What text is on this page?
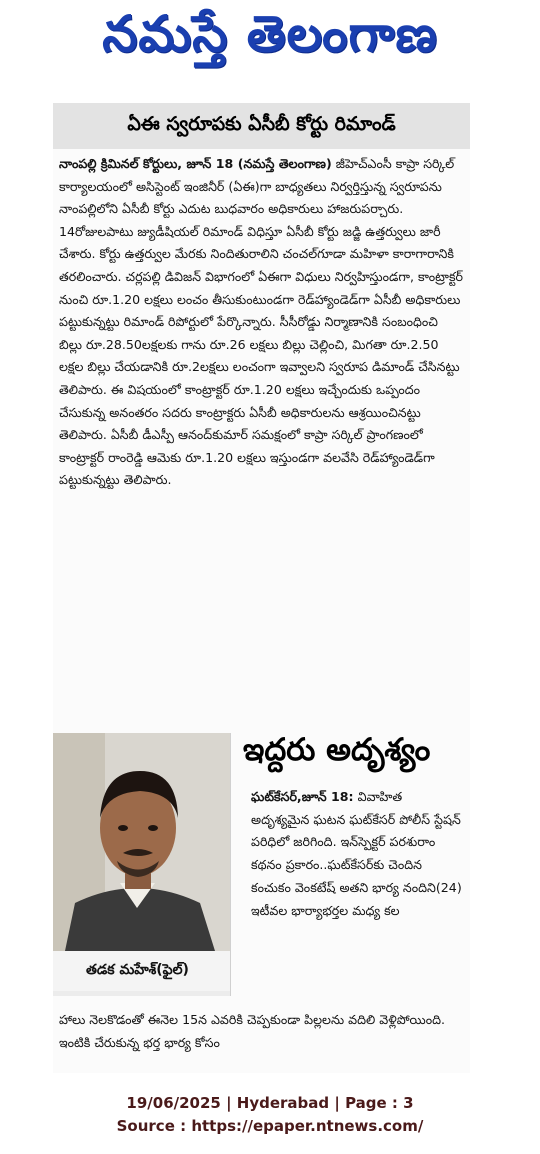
నమస్తే తెలంగాణ
ఏఈ స్వరూపకు ఏసీబీ కోర్టు రిమాండ్
నాంపల్లి క్రిమినల్ కోర్టులు, జూన్ 18 (నమస్తే తెలంగాణ) జీహెచ్ఎంసీ కాప్రా సర్కిల్ కార్యాలయంలో అసిస్టెంట్ ఇంజినీర్ (ఏఈ)గా బాధ్యతలు నిర్వర్తిస్తున్న స్వరూపను నాంపల్లిలోని ఏసీబీ కోర్టు ఎదుట బుధవారం అధికారులు హాజరుపర్చారు. 14రోజులపాటు జ్యుడీషియల్ రిమాండ్ విధిస్తూ ఏసీబీ కోర్టు జడ్జి ఉత్తర్వులు జారీ చేశారు. కోర్టు ఉత్తర్వుల మేరకు నిందితురాలిని చంచల్‌గూడా మహిళా కారాగారానికి తరలించారు. చర్లపల్లి డివిజన్ విభాగంలో ఏఈగా విధులు నిర్వహిస్తుండగా, కాంట్రాక్టర్ నుంచి రూ.1.20 లక్షలు లంచం తీసుకుంటుండగా రెడ్‌హ్యాండెడ్‌గా ఏసీబీ అధికారులు పట్టుకున్నట్టు రిమాండ్ రిపోర్టులో పేర్కొన్నారు. సీసీరోడ్డు నిర్మాణానికి సంబంధించి బిల్లు రూ.28.50లక్షలకు గాను రూ.26 లక్షలు బిల్లు చెల్లించి, మిగతా రూ.2.50 లక్షల బిల్లు చేయడానికి రూ.2లక్షలు లంచంగా ఇవ్వాలని స్వరూప డిమాండ్ చేసినట్టు తెలిపారు. ఈ విషయంలో కాంట్రాక్టర్ రూ.1.20 లక్షలు ఇచ్చేందుకు ఒప్పందం చేసుకున్న అనంతరం సదరు కాంట్రాక్టరు ఏసీబీ అధికారులను ఆశ్రయించినట్టు తెలిపారు. ఏసీబీ డీఎస్పీ ఆనంద్‌కుమార్ సమక్షంలో కాప్రా సర్కిల్ ప్రాంగణంలో కాంట్రాక్టర్ రాంరెడ్డి ఆమెకు రూ.1.20 లక్షలు ఇస్తుండగా వలవేసి రెడ్‌హ్యాండెడ్‌గా పట్టుకున్నట్టు తెలిపారు.
తడక మహేశ్(ఫైల్)
ఇద్దరు అదృశ్యం
ఘట్‌కేసర్,జూన్ 18: వివాహిత అదృశ్యమైన ఘటన ఘట్‌కేసర్ పోలీస్ స్టేషన్ పరిధిలో జరిగింది. ఇన్‌స్పెక్టర్ పరశురాం కథనం ప్రకారం..ఘట్‌కేసర్‌కు చెందిన కంచుకం వెంకటేష్ అతని భార్య నందిని(24) ఇటీవల భార్యాభర్తల మధ్య కల
హాలు నెలకొడంతో ఈనెల 15న ఎవరికి చెప్పకుండా పిల్లలను వదిలి వెళ్లిపోయింది. ఇంటికి చేరుకున్న భర్త భార్య కోసం
19/06/2025 | Hyderabad | Page : 3
Source : https://epaper.ntnews.com/
